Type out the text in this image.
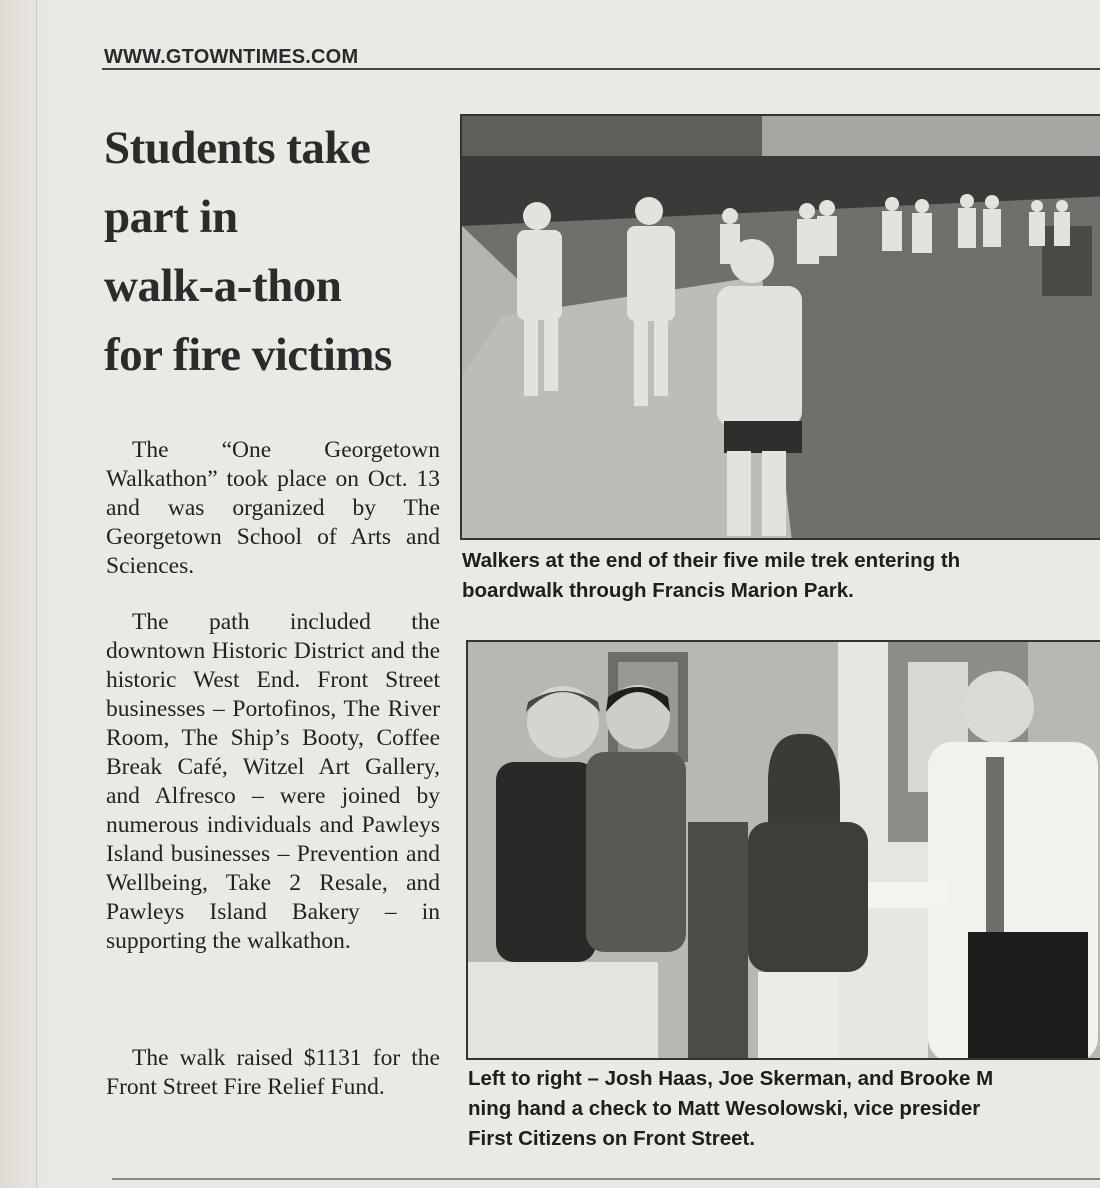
WWW.GTOWNTIMES.COM
Students take
part in
walk-a-thon
for fire victims

The “One Georgetown Walkathon” took place on Oct. 13 and was organized by The Georgetown School of Arts and Sciences.

The path included the downtown Historic District and the historic West End. Front Street businesses – Portofinos, The River Room, The Ship’s Booty, Coffee Break Café, Witzel Art Gallery, and Alfresco – were joined by numerous individuals and Pawleys Island businesses – Prevention and Wellbeing, Take 2 Resale, and Pawleys Island Bakery – in supporting the walkathon.

The walk raised $1131 for the Front Street Fire Relief Fund.

Walkers at the end of their five mile trek entering th
boardwalk through Francis Marion Park.
Left to right – Josh Haas, Joe Skerman, and Brooke M
ning hand a check to Matt Wesolowski, vice presider
First Citizens on Front Street.
